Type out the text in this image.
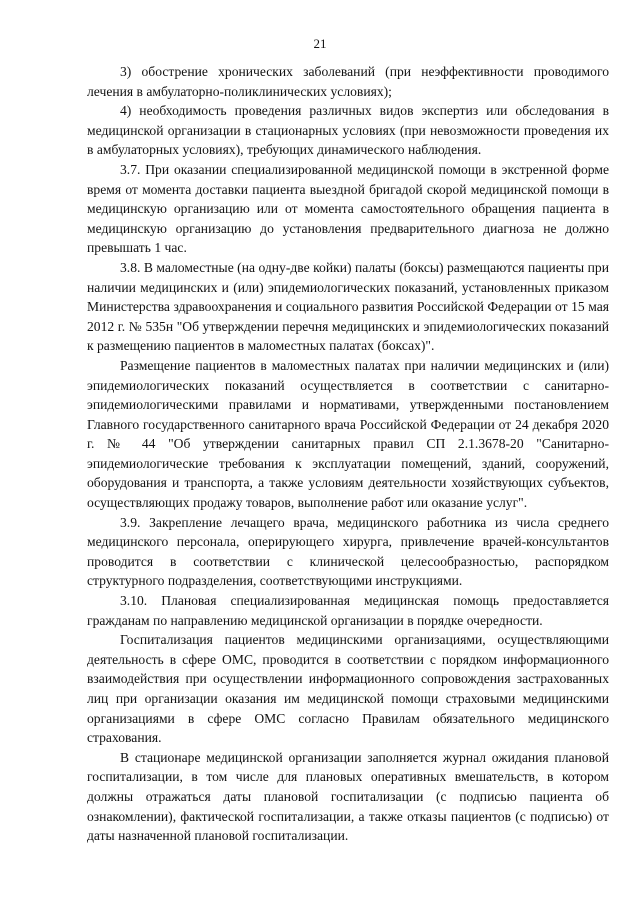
21

3) обострение хронических заболеваний (при неэффективности проводимого лечения в амбулаторно-поликлинических условиях);

4) необходимость проведения различных видов экспертиз или обследования в медицинской организации в стационарных условиях (при невозможности проведения их в амбулаторных условиях), требующих динамического наблюдения.

3.7. При оказании специализированной медицинской помощи в экстренной форме время от момента доставки пациента выездной бригадой скорой медицинской помощи в медицинскую организацию или от момента самостоятельного обращения пациента в медицинскую организацию до установления предварительного диагноза не должно превышать 1 час.

3.8. В маломестные (на одну-две койки) палаты (боксы) размещаются пациенты при наличии медицинских и (или) эпидемиологических показаний, установленных приказом Министерства здравоохранения и социального развития Российской Федерации от 15 мая 2012 г. № 535н "Об утверждении перечня медицинских и эпидемиологических показаний к размещению пациентов в маломестных палатах (боксах)".

Размещение пациентов в маломестных палатах при наличии медицинских и (или) эпидемиологических показаний осуществляется в соответствии с санитарно-эпидемиологическими правилами и нормативами, утвержденными постановлением Главного государственного санитарного врача Российской Федерации от 24 декабря 2020 г. № 44 "Об утверждении санитарных правил СП 2.1.3678-20 "Санитарно-эпидемиологические требования к эксплуатации помещений, зданий, сооружений, оборудования и транспорта, а также условиям деятельности хозяйствующих субъектов, осуществляющих продажу товаров, выполнение работ или оказание услуг".

3.9. Закрепление лечащего врача, медицинского работника из числа среднего медицинского персонала, оперирующего хирурга, привлечение врачей-консультантов проводится в соответствии с клинической целесообразностью, распорядком структурного подразделения, соответствующими инструкциями.

3.10. Плановая специализированная медицинская помощь предоставляется гражданам по направлению медицинской организации в порядке очередности.

Госпитализация пациентов медицинскими организациями, осуществляющими деятельность в сфере ОМС, проводится в соответствии с порядком информационного взаимодействия при осуществлении информационного сопровождения застрахованных лиц при организации оказания им медицинской помощи страховыми медицинскими организациями в сфере ОМС согласно Правилам обязательного медицинского страхования.

В стационаре медицинской организации заполняется журнал ожидания плановой госпитализации, в том числе для плановых оперативных вмешательств, в котором должны отражаться даты плановой госпитализации (с подписью пациента об ознакомлении), фактической госпитализации, а также отказы пациентов (с подписью) от даты назначенной плановой госпитализации.
